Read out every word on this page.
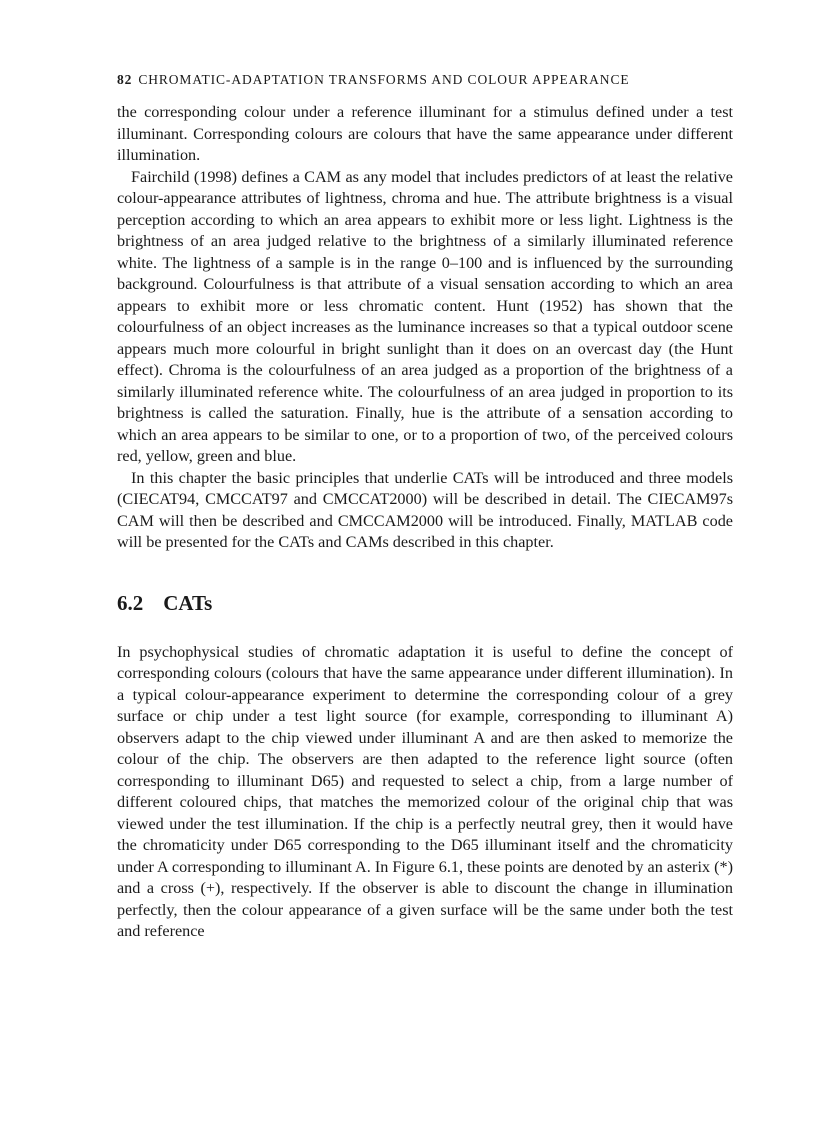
82 CHROMATIC-ADAPTATION TRANSFORMS AND COLOUR APPEARANCE

the corresponding colour under a reference illuminant for a stimulus defined under a test illuminant. Corresponding colours are colours that have the same appearance under different illumination.

Fairchild (1998) defines a CAM as any model that includes predictors of at least the relative colour-appearance attributes of lightness, chroma and hue. The attribute brightness is a visual perception according to which an area appears to exhibit more or less light. Lightness is the brightness of an area judged relative to the brightness of a similarly illuminated reference white. The lightness of a sample is in the range 0–100 and is influenced by the surrounding background. Colourfulness is that attribute of a visual sensation according to which an area appears to exhibit more or less chromatic content. Hunt (1952) has shown that the colourfulness of an object increases as the luminance increases so that a typical outdoor scene appears much more colourful in bright sunlight than it does on an overcast day (the Hunt effect). Chroma is the colourfulness of an area judged as a proportion of the brightness of a similarly illuminated reference white. The colourfulness of an area judged in proportion to its brightness is called the saturation. Finally, hue is the attribute of a sensation according to which an area appears to be similar to one, or to a proportion of two, of the perceived colours red, yellow, green and blue.

In this chapter the basic principles that underlie CATs will be introduced and three models (CIECAT94, CMCCAT97 and CMCCAT2000) will be described in detail. The CIECAM97s CAM will then be described and CMCCAM2000 will be introduced. Finally, MATLAB code will be presented for the CATs and CAMs described in this chapter.

6.2 CATs

In psychophysical studies of chromatic adaptation it is useful to define the concept of corresponding colours (colours that have the same appearance under different illumination). In a typical colour-appearance experiment to determine the corresponding colour of a grey surface or chip under a test light source (for example, corresponding to illuminant A) observers adapt to the chip viewed under illuminant A and are then asked to memorize the colour of the chip. The observers are then adapted to the reference light source (often corresponding to illuminant D65) and requested to select a chip, from a large number of different coloured chips, that matches the memorized colour of the original chip that was viewed under the test illumination. If the chip is a perfectly neutral grey, then it would have the chromaticity under D65 corresponding to the D65 illuminant itself and the chromaticity under A corresponding to illuminant A. In Figure 6.1, these points are denoted by an asterix (*) and a cross (+), respectively. If the observer is able to discount the change in illumination perfectly, then the colour appearance of a given surface will be the same under both the test and reference
